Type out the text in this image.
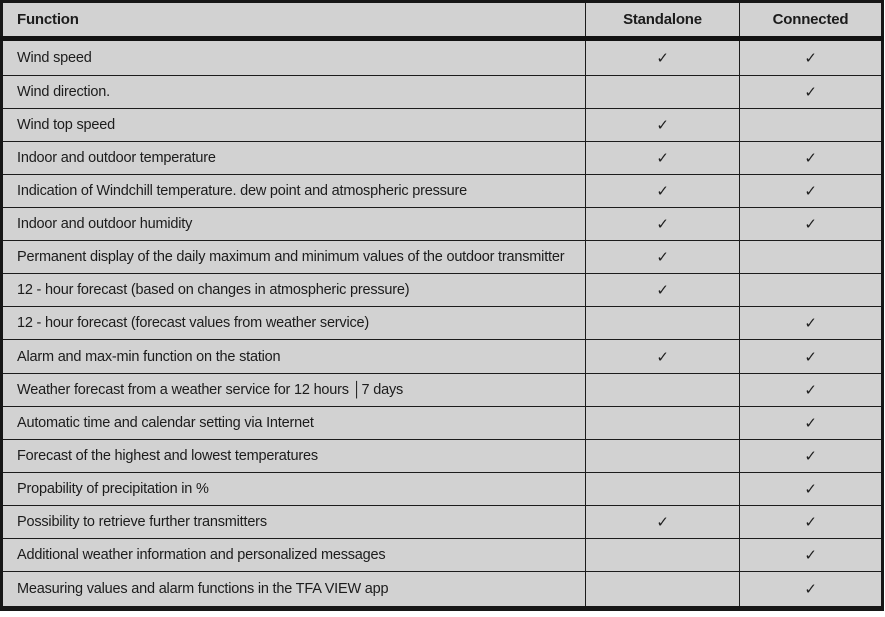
Function	Standalone	Connected
Wind speed	✓	✓
Wind direction.		✓
Wind top speed	✓	
Indoor and outdoor temperature	✓	✓
Indication of Windchill temperature. dew point and atmospheric pressure	✓	✓
Indoor and outdoor humidity	✓	✓
Permanent display of the daily maximum and minimum values of the outdoor transmitter	✓	
12 - hour forecast (based on changes in atmospheric pressure)	✓	
12 - hour forecast (forecast values from weather service)		✓
Alarm and max-min function on the station	✓	✓
Weather forecast from a weather service for 12 hours │7 days		✓
Automatic time and calendar setting via Internet		✓
Forecast of the highest and lowest temperatures		✓
Propability of precipitation in %		✓
Possibility to retrieve further transmitters	✓	✓
Additional weather information and personalized messages		✓
Measuring values and alarm functions in the TFA VIEW app		✓
